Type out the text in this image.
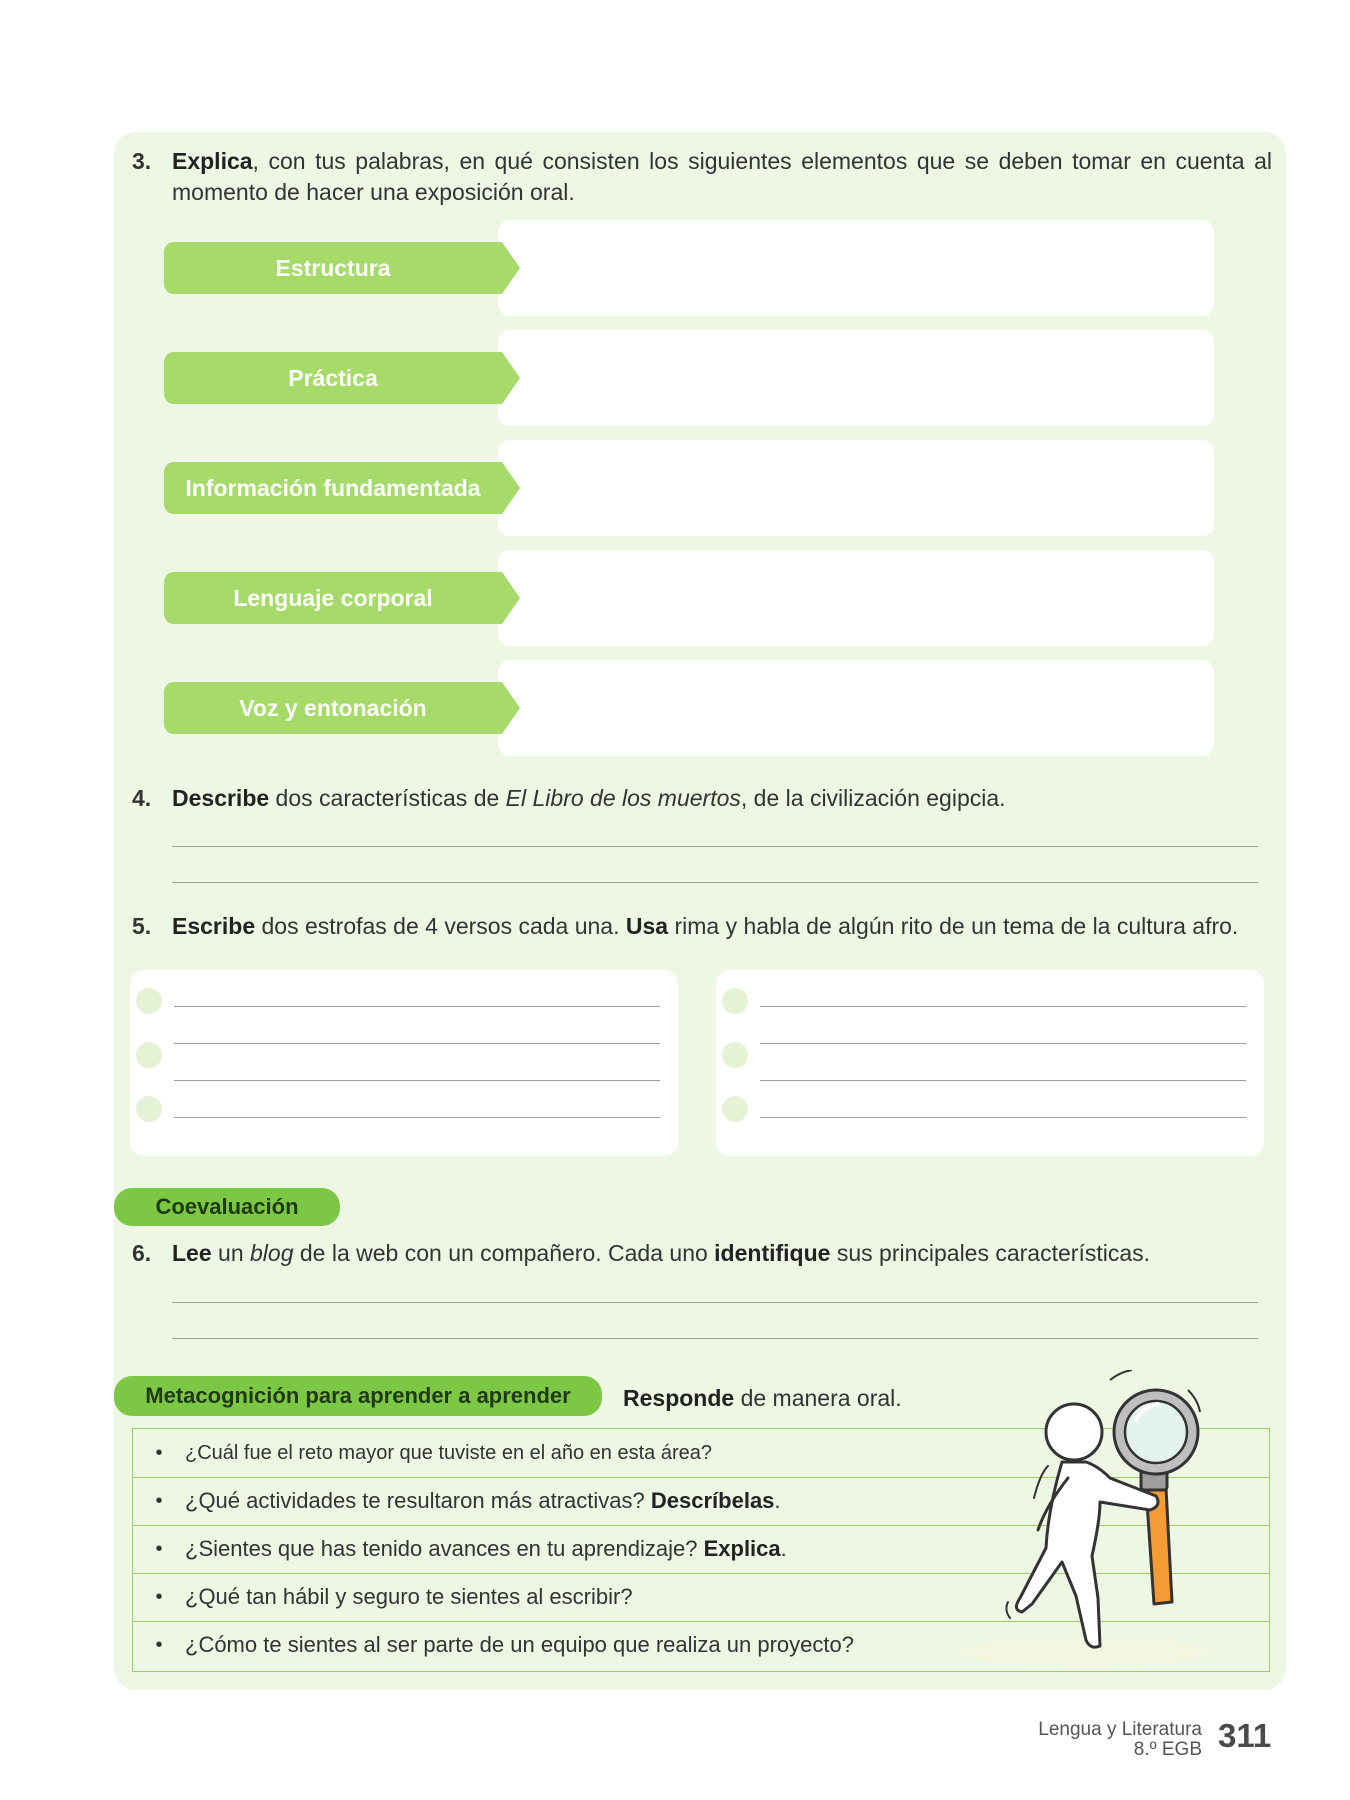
3. Explica, con tus palabras, en qué consisten los siguientes elementos que se deben tomar en cuenta al
momento de hacer una exposición oral.
Estructura
Práctica
Información fundamentada
Lenguaje corporal
Voz y entonación
4. Describe dos características de El Libro de los muertos, de la civilización egipcia.
5. Escribe dos estrofas de 4 versos cada una. Usa rima y habla de algún rito de un tema de la cultura afro.
Coevaluación
6. Lee un blog de la web con un compañero. Cada uno identifique sus principales características.
Metacognición para aprender a aprender	Responde de manera oral.
•	¿Cuál fue el reto mayor que tuviste en el año en esta área?
•	¿Qué actividades te resultaron más atractivas? Descríbelas.
•	¿Sientes que has tenido avances en tu aprendizaje? Explica.
•	¿Qué tan hábil y seguro te sientes al escribir?
•	¿Cómo te sientes al ser parte de un equipo que realiza un proyecto?
Lengua y Literatura
8.º EGB 311
